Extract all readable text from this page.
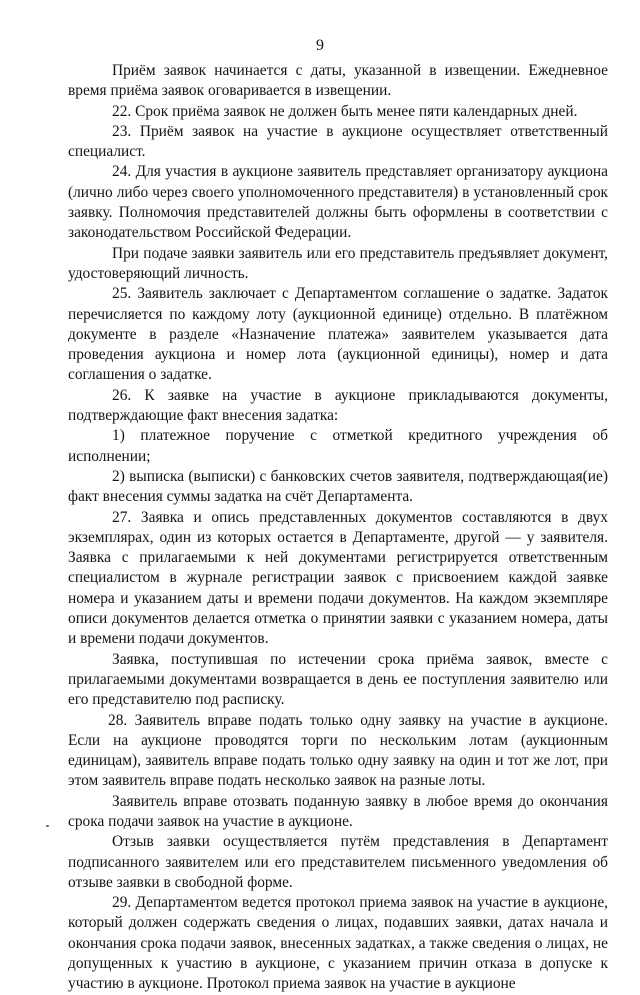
9

Приём заявок начинается с даты, указанной в извещении. Ежедневное время приёма заявок оговаривается в извещении.

22. Срок приёма заявок не должен быть менее пяти календарных дней.

23. Приём заявок на участие в аукционе осуществляет ответственный специалист.

24. Для участия в аукционе заявитель представляет организатору аукциона (лично либо через своего уполномоченного представителя) в установленный срок заявку. Полномочия представителей должны быть оформлены в соответствии с законодательством Российской Федерации.

При подаче заявки заявитель или его представитель предъявляет документ, удостоверяющий личность.

25. Заявитель заключает с Департаментом соглашение о задатке. Задаток перечисляется по каждому лоту (аукционной единице) отдельно. В платёжном документе в разделе «Назначение платежа» заявителем указывается дата проведения аукциона и номер лота (аукционной единицы), номер и дата соглашения о задатке.

26. К заявке на участие в аукционе прикладываются документы, подтверждающие факт внесения задатка:

1) платежное поручение с отметкой кредитного учреждения об исполнении;

2) выписка (выписки) с банковских счетов заявителя, подтверждающая(ие) факт внесения суммы задатка на счёт Департамента.

27. Заявка и опись представленных документов составляются в двух экземплярах, один из которых остается в Департаменте, другой — у заявителя. Заявка с прилагаемыми к ней документами регистрируется ответственным специалистом в журнале регистрации заявок с присвоением каждой заявке номера и указанием даты и времени подачи документов. На каждом экземпляре описи документов делается отметка о принятии заявки с указанием номера, даты и времени подачи документов.

Заявка, поступившая по истечении срока приёма заявок, вместе с прилагаемыми документами возвращается в день ее поступления заявителю или его представителю под расписку.

28. Заявитель вправе подать только одну заявку на участие в аукционе. Если на аукционе проводятся торги по нескольким лотам (аукционным единицам), заявитель вправе подать только одну заявку на один и тот же лот, при этом заявитель вправе подать несколько заявок на разные лоты.

Заявитель вправе отозвать поданную заявку в любое время до окончания срока подачи заявок на участие в аукционе.

Отзыв заявки осуществляется путём представления в Департамент подписанного заявителем или его представителем письменного уведомления об отзыве заявки в свободной форме.

29. Департаментом ведется протокол приема заявок на участие в аукционе, который должен содержать сведения о лицах, подавших заявки, датах начала и окончания срока подачи заявок, внесенных задатках, а также сведения о лицах, не допущенных к участию в аукционе, с указанием причин отказа в допуске к участию в аукционе. Протокол приема заявок на участие в аукционе
